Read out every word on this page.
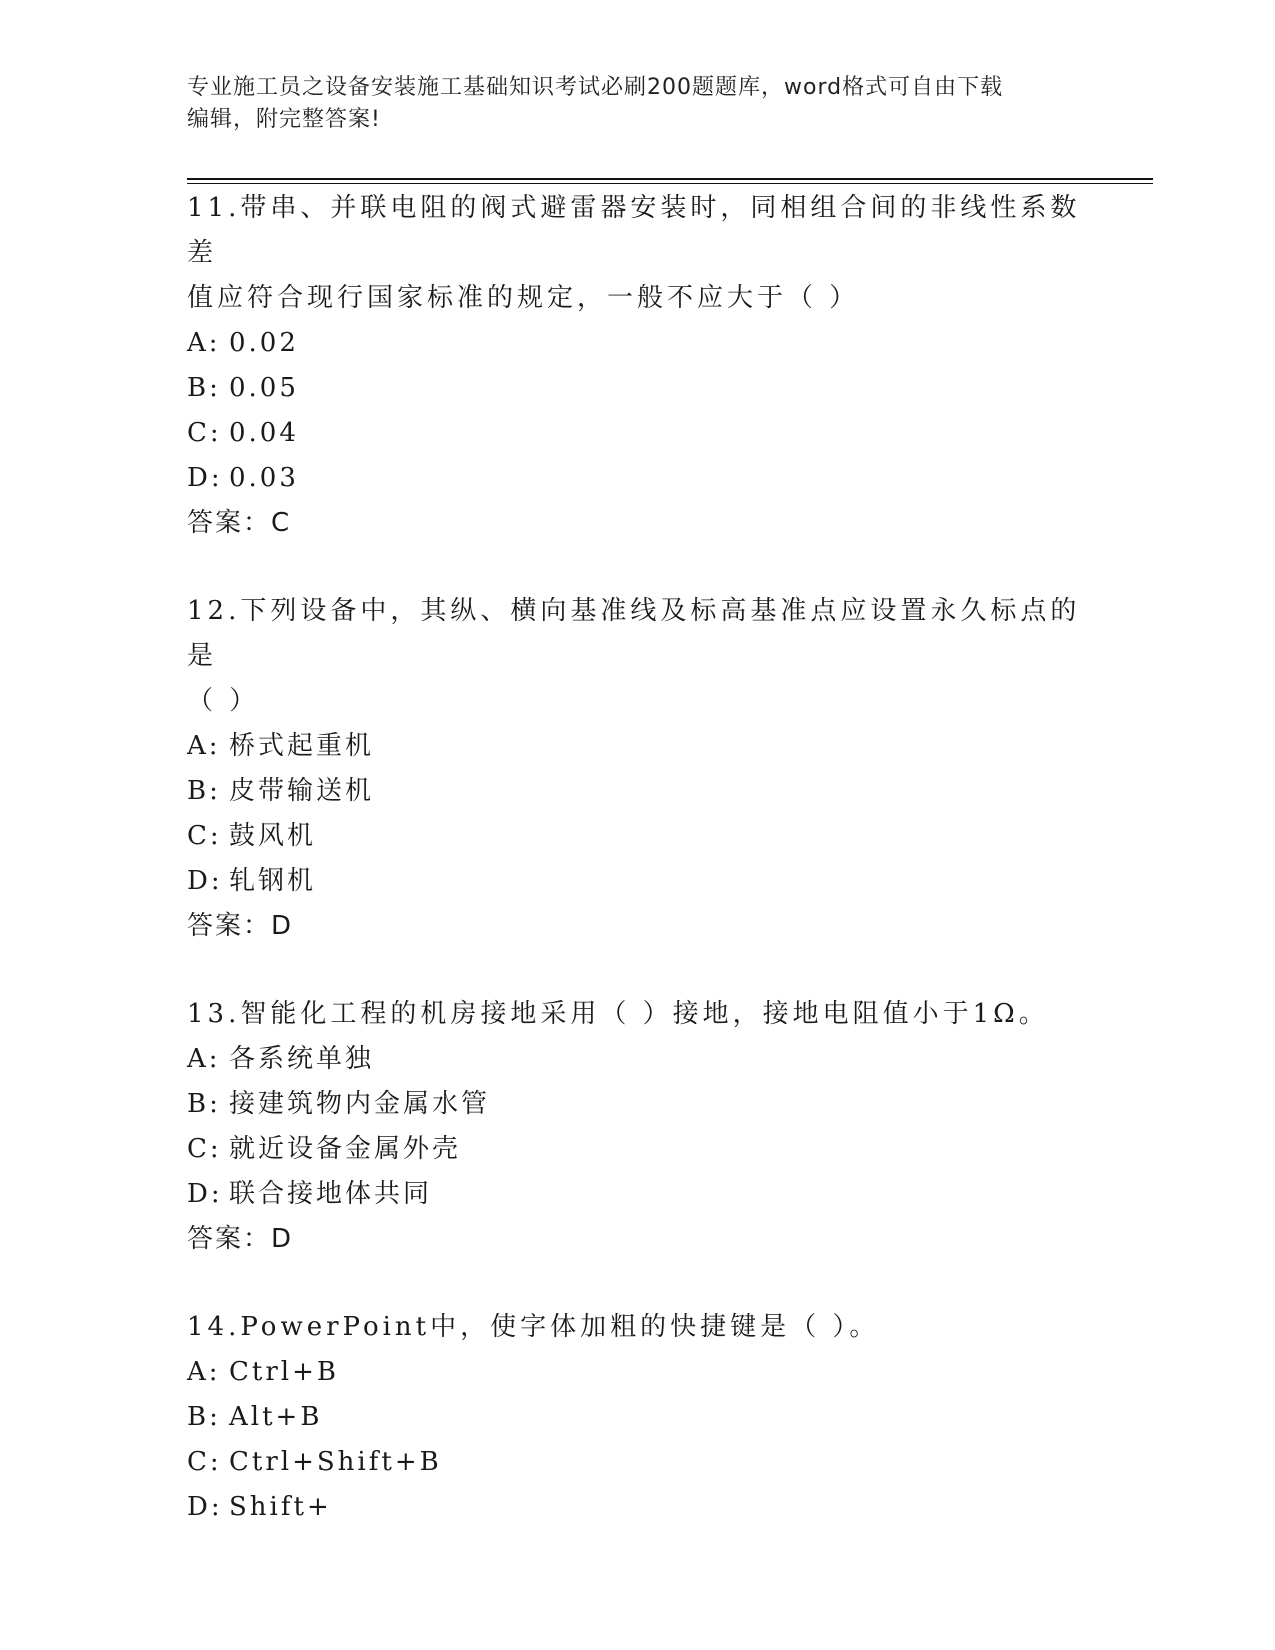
专业施工员之设备安装施工基础知识考试必刷200题题库，word格式可自由下载
编辑，附完整答案!

11.带串、并联电阻的阀式避雷器安装时，同相组合间的非线性系数差

值应符合现行国家标准的规定，一般不应大于（ ）

A: 0.02

B: 0.05

C: 0.04

D: 0.03

答案：C

12.下列设备中，其纵、横向基准线及标高基准点应设置永久标点的是

（ ）

A: 桥式起重机

B: 皮带输送机

C: 鼓风机

D: 轧钢机

答案：D

13.智能化工程的机房接地采用（ ）接地，接地电阻值小于1Ω。

A: 各系统单独

B: 接建筑物内金属水管

C: 就近设备金属外壳

D: 联合接地体共同

答案：D

14.PowerPoint中，使字体加粗的快捷键是（ ）。

A: Ctrl+B

B: Alt+B

C: Ctrl+Shift+B

D: Shift+
